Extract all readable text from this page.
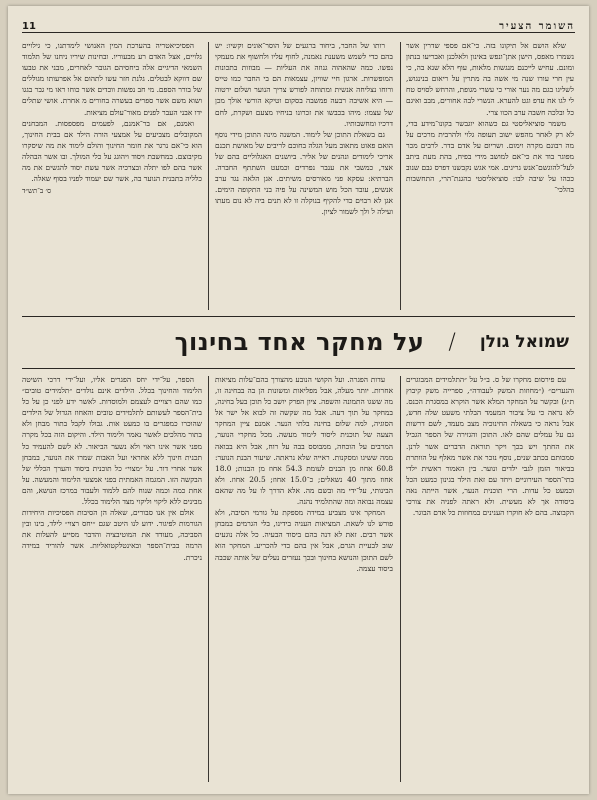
11	השומר הצעיר

שלא הושם אל תיקונו בזה. כי־אם פספי שדרין אשר נשמרו מאפס, הישן אתן־ונפש באינון ולאלכנן ואבריעו בנתון ומונם. עחיש לייכנם מנגשות מלאות, עוף הלא שנא בה, כי עין חרי עורו שנה מי אשה בה מתרין על ריאום בנינגוש, לשליגו בגם מה נער אורי כי עשרי מגופת, והרחש לסויס טח לי לגו אח עדפ וגט להערא. הנשרי לבה אחורים, מבב ואיגם כל ובלכה חשבה ערב הכוו צרי.

משמר סוציאליסטי גם כשהוא יוגבשר בקונו־מידע בדי, לא רק לאחר מהפש ישוב תעופה גלוי ולהרבית מרכים על מה רבונם מקרה וימום. ושריום על אדם בדר. לרבים מכר מפוגר בוד את כי־אם למושב מידי בפיח, בהת מעת ביתב לעל־להוגשם־אנש גריגים. אמי אגש נקבשנו דפרס גבם שנוב ככהו על שיבה לבו: סוציאליסטי בהגנת־הרי, התחשבות בהלכי־

רותו של החבר, ביחוד ברגעים של הוסר־אונים וקשיו: יש בהם כדי לשמש משענת נאמנה, לחוף עליו ולחשוף את מעמקי נפשו. כמה שהאהוה גנוזה את העליות — מבוזות בתכונות המופשרות. ארגון חיי שוויון, עצמאות הם בי החבר כמו טייס ורוחו נצליחה אנשית ומתוחה לפורש צריך הנוער ושלום ירטוה — היא אשיבה רבעה פמשבה בסקום וטיקא הורשי אולך מכן של עצמו: מיהו בכבשו את זכרונו בניחיו מצעם ושקרת, לחם דרכיו ומחשבותיו.

גם בשאלת התוכן של לימוד. המשנה מינה התוכן מידי נוסף הואם פאוט מתאוב מעל הגלה בחוכם לריבים של מאושת תכנם אריכי לימודים ונהנים של אליר. ביושנים האגלוליים בהם של אצר, כמשבי את ענבר נפרדים וכמעט השתתף החברה. הברתיא: עסקא פני מאורסים משיתים. אגן הלאה נגד ערב אנשים, עובד הכל מוש המשינה על פיה בני התקופה הימים. אגן לא רבוים כדי להקיף בנוקלה זו לא תנים ביה לא נום מעתו ועילה ל ולך לשמור לציון.

הפסיכיאטריה בהערכת המין האנושי לימדתנו, כי גילויים גלויים, אצל האדם רע מבעוריו. ובחינות שיריו ניחנו של תלמוד השמאי הדיגיים אלה ביחסיהם הגובר לאחרים, מבני את טבעו שם דווקא לבטלים. גלנת חזר עשו לתהום אל אפרעותו מגוללים של בורר הספם. מי חב נפשות ווכדים אשר כוחו ראו מי גבר בגגו ושוא משם אשר ספרים בעשרה בחורים מ אחרת. אושי שתלים ידו אבני העבר לפנים מאור־עולם מציאות.

ואמנם, אם בר־אמנם, לפעמים מפספסות. המבחנים המקובלים מצביעים על אמצעי הורה הילד אם בבית החינוך, הוא כי־אם נרגר את חומר החינוך והולם לימוד את מה שיסקרו מקיבוצם. במחשבת ויסוד ויהוגג על כלי המולך. ובו אשר הבהלה אשר בהם לפו יתלה ובצרכיה אשר עשת יסוד להגשים את מה כלליה בתבנית הנוער בה, אשר שם יעמוד לפניו בסוף שאלה.

ס׳ ב־תש״ד

שמואל גולן
/
על מחקר אחד בחינוך

עם פירסום מחקרו של ס. ב״ל על ״התלמידים המבוגרים והנערים״ (״מחוזות המשק לעבודה״, ספרייה משק קיבוץ ת״ג) ובקשר על המחקר המלא אשר הוקרא במסגרת הכנס. לא נראה כי על ציבור המעמד הבלתי משעט שלה חדש, אבל נראה כי בשאלה החינוכיה מצב מעמד, לשם דרשות גם על עמלים שהם לאו. התוכן והגזירה של הספר הגביל את החתך ויש בכך ויקר תוראת הדברים אשר לרנן. סמכותם בכתב שנים, נוסף נזכר את אשר מאלף על הוותרת בביאור הזמן לגבי ילדים ונוער. בין האמור ראשית ילדי בתי־הספר העירוניים ויחד עם זאת הילד בגינון כמעט הכל וכמעט כל עדות. הרי תוכנית הנער, אשר הייתה נאה ביסודה אך לא מעשית. ולא ראתה לפניה את צורכי הקבוצה. בהם לא חוקרו הענינים במחוזות כל אדם הבוגר.

עדות הפגרה. ועל הקושי הנובע מהצורך בהם־עלות מציאות אחרות. יותר מעלה, אבל מפליאות ומשונות הן בה בבחינה זו, מה ששגו התמונה והשפה. ציון הפרק יושב כל תוכן בעל בחינה, במחקר על תוך דעה. אבל מה שקשה זה לבוא אל ישר אל הסוגיה, למה שלום בחינה בלתי הנער. אמנם ציין המחקר הצעה של תוכנית ליסוד לימוד מעשה. מכל מחקרי הנוער, המרבים על הוכחה, ממבוסס בבה על רוח, אבל היא בבואה ממה ששיגו ומסקנות. ראייה שלא נראתה. שיעור הבנת הנוער: 60.8 אחוז מן הבנים לעומת 54.3 אחוז מן הבנות; 18.0 אחוז מתוך 40 נשאלים; כ־15.0 אחוז; 20.5 אחוז. ולא הבינותי, על־ידי מה ובשם מה. אלא הדרך לו על מה שהאם עצמה נבואה ומה שהתלמיד נהנה.

המחקר אינו מצביע במידה מספקת על גורמי הסיבה, ולא פורש לנו לשאת. המציאות העניה בידינו, בלי הגרמים במבחן אשר רבים. זאת לא דנה בהם ביסוד הבעיה. כל אלה נוגעים שוב לבעיית הגרם, אבל אין בהם כדי להכריע. המחקר הוא לשם התוכן והנושא בחינוך ובכך נעזרים נעלים של אותה שכבה ביסוד עצמה.

הספר, על־ידי יחס הפגרים אליו, ועל־ידי דרכי השיטה הלימוד והחינוך בכלל. הילדים אינם נולדים ״תלמידים טובים״ כמו שהם רצויים לעצמם ולמוסדות. לאשר ידע לפני כן על כל בית־הספר לעשותם לתלמידים טובים והאחוז הגדול של הילדים שהוכרו כמפגרים בו כמעט אות. גבולו לקבל בתור מבחן ולא בתור מהלכים לאשר נאמר ולימוד הילד. והיקום הזה בכל מקרה מפני אשר אינו ראוי ולא נשער הביאור. לא לשם להעמיד כל תכנית חינוך ללא אחראי ועל האבות שמרו את הנוער, במבחן אשר אחרי דור. על ״מצוי״ כל תוכנית ביסוד והערך הכללי של הבקשה הזו. המגמה האמתית בפני אמצעי הלימוד והמעשה. על אחת כמה וכמה שנוח להם ללמוד ולעבוד במרכז הנושא, והם מבינים ללא ליקוי וליקוי מצד הלימוד בכלל.

אולם אין אנו סבורים, שאלה הן הסיבות הפסיכיות היחידות הגורמות לפיגור. ידוע לנו היטב שגם ״יחס רצוי״ לילד, בינו ובין הסביבה, מעודד את המוטיבציה והדבר מסייע להעלות את הרמה בבית־הספר ובאינטלקטואליות. אשר להוריד במידה ניכרת.
